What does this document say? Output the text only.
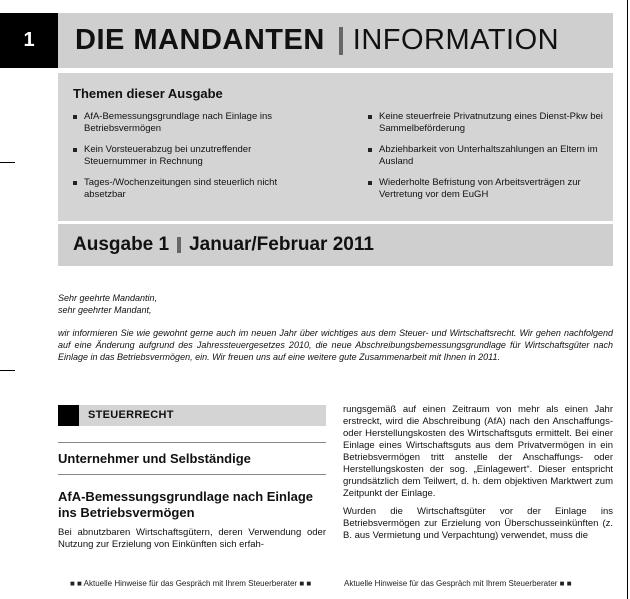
1 DIE MANDANTEN INFORMATION
Themen dieser Ausgabe
AfA-Bemessungsgrundlage nach Einlage ins Betriebsvermögen
Kein Vorsteuerabzug bei unzutreffender Steuernummer in Rechnung
Tages-/Wochenzeitungen sind steuerlich nicht absetzbar
Keine steuerfreie Privatnutzung eines Dienst-Pkw bei Sammelbeförderung
Abziehbarkeit von Unterhaltszahlungen an Eltern im Ausland
Wiederholte Befristung von Arbeitsverträgen zur Vertretung vor dem EuGH
Ausgabe 1 Januar/Februar 2011

Sehr geehrte Mandantin,

sehr geehrter Mandant,

wir informieren Sie wie gewohnt gerne auch im neuen Jahr über wichtiges aus dem Steuer- und Wirtschaftsrecht. Wir gehen nachfolgend auf eine Änderung aufgrund des Jahressteuergesetzes 2010, die neue Abschreibungsbemessungsgrundlage für Wirtschaftsgüter nach Einlage in das Betriebsvermögen, ein. Wir freuen uns auf eine weitere gute Zusammenarbeit mit Ihnen in 2011.

STEUERRECHT
Unternehmer und Selbständige
AfA-Bemessungsgrundlage nach Einlage ins Betriebsvermögen
Bei abnutzbaren Wirtschaftsgütern, deren Verwendung oder Nutzung zur Erzielung von Einkünften sich erfah-

rungsgemäß auf einen Zeitraum von mehr als einen Jahr erstreckt, wird die Abschreibung (AfA) nach den Anschaffungs- oder Herstellungskosten des Wirtschaftsguts ermittelt. Bei einer Einlage eines Wirtschaftsguts aus dem Privatvermögen in ein Betriebsvermögen tritt anstelle der Anschaffungs- oder Herstellungskosten der sog. „Einlagewert“. Dieser entspricht grundsätzlich dem Teilwert, d. h. dem objektiven Marktwert zum Zeitpunkt der Einlage.

Wurden die Wirtschaftsgüter vor der Einlage ins Betriebsvermögen zur Erzielung von Überschusseinkünften (z. B. aus Vermietung und Verpachtung) verwendet, muss die

■ ■ Aktuelle Hinweise für das Gespräch mit Ihrem Steuerberater ■ ■	Aktuelle Hinweise für das Gespräch mit Ihrem Steuerberater ■ ■
